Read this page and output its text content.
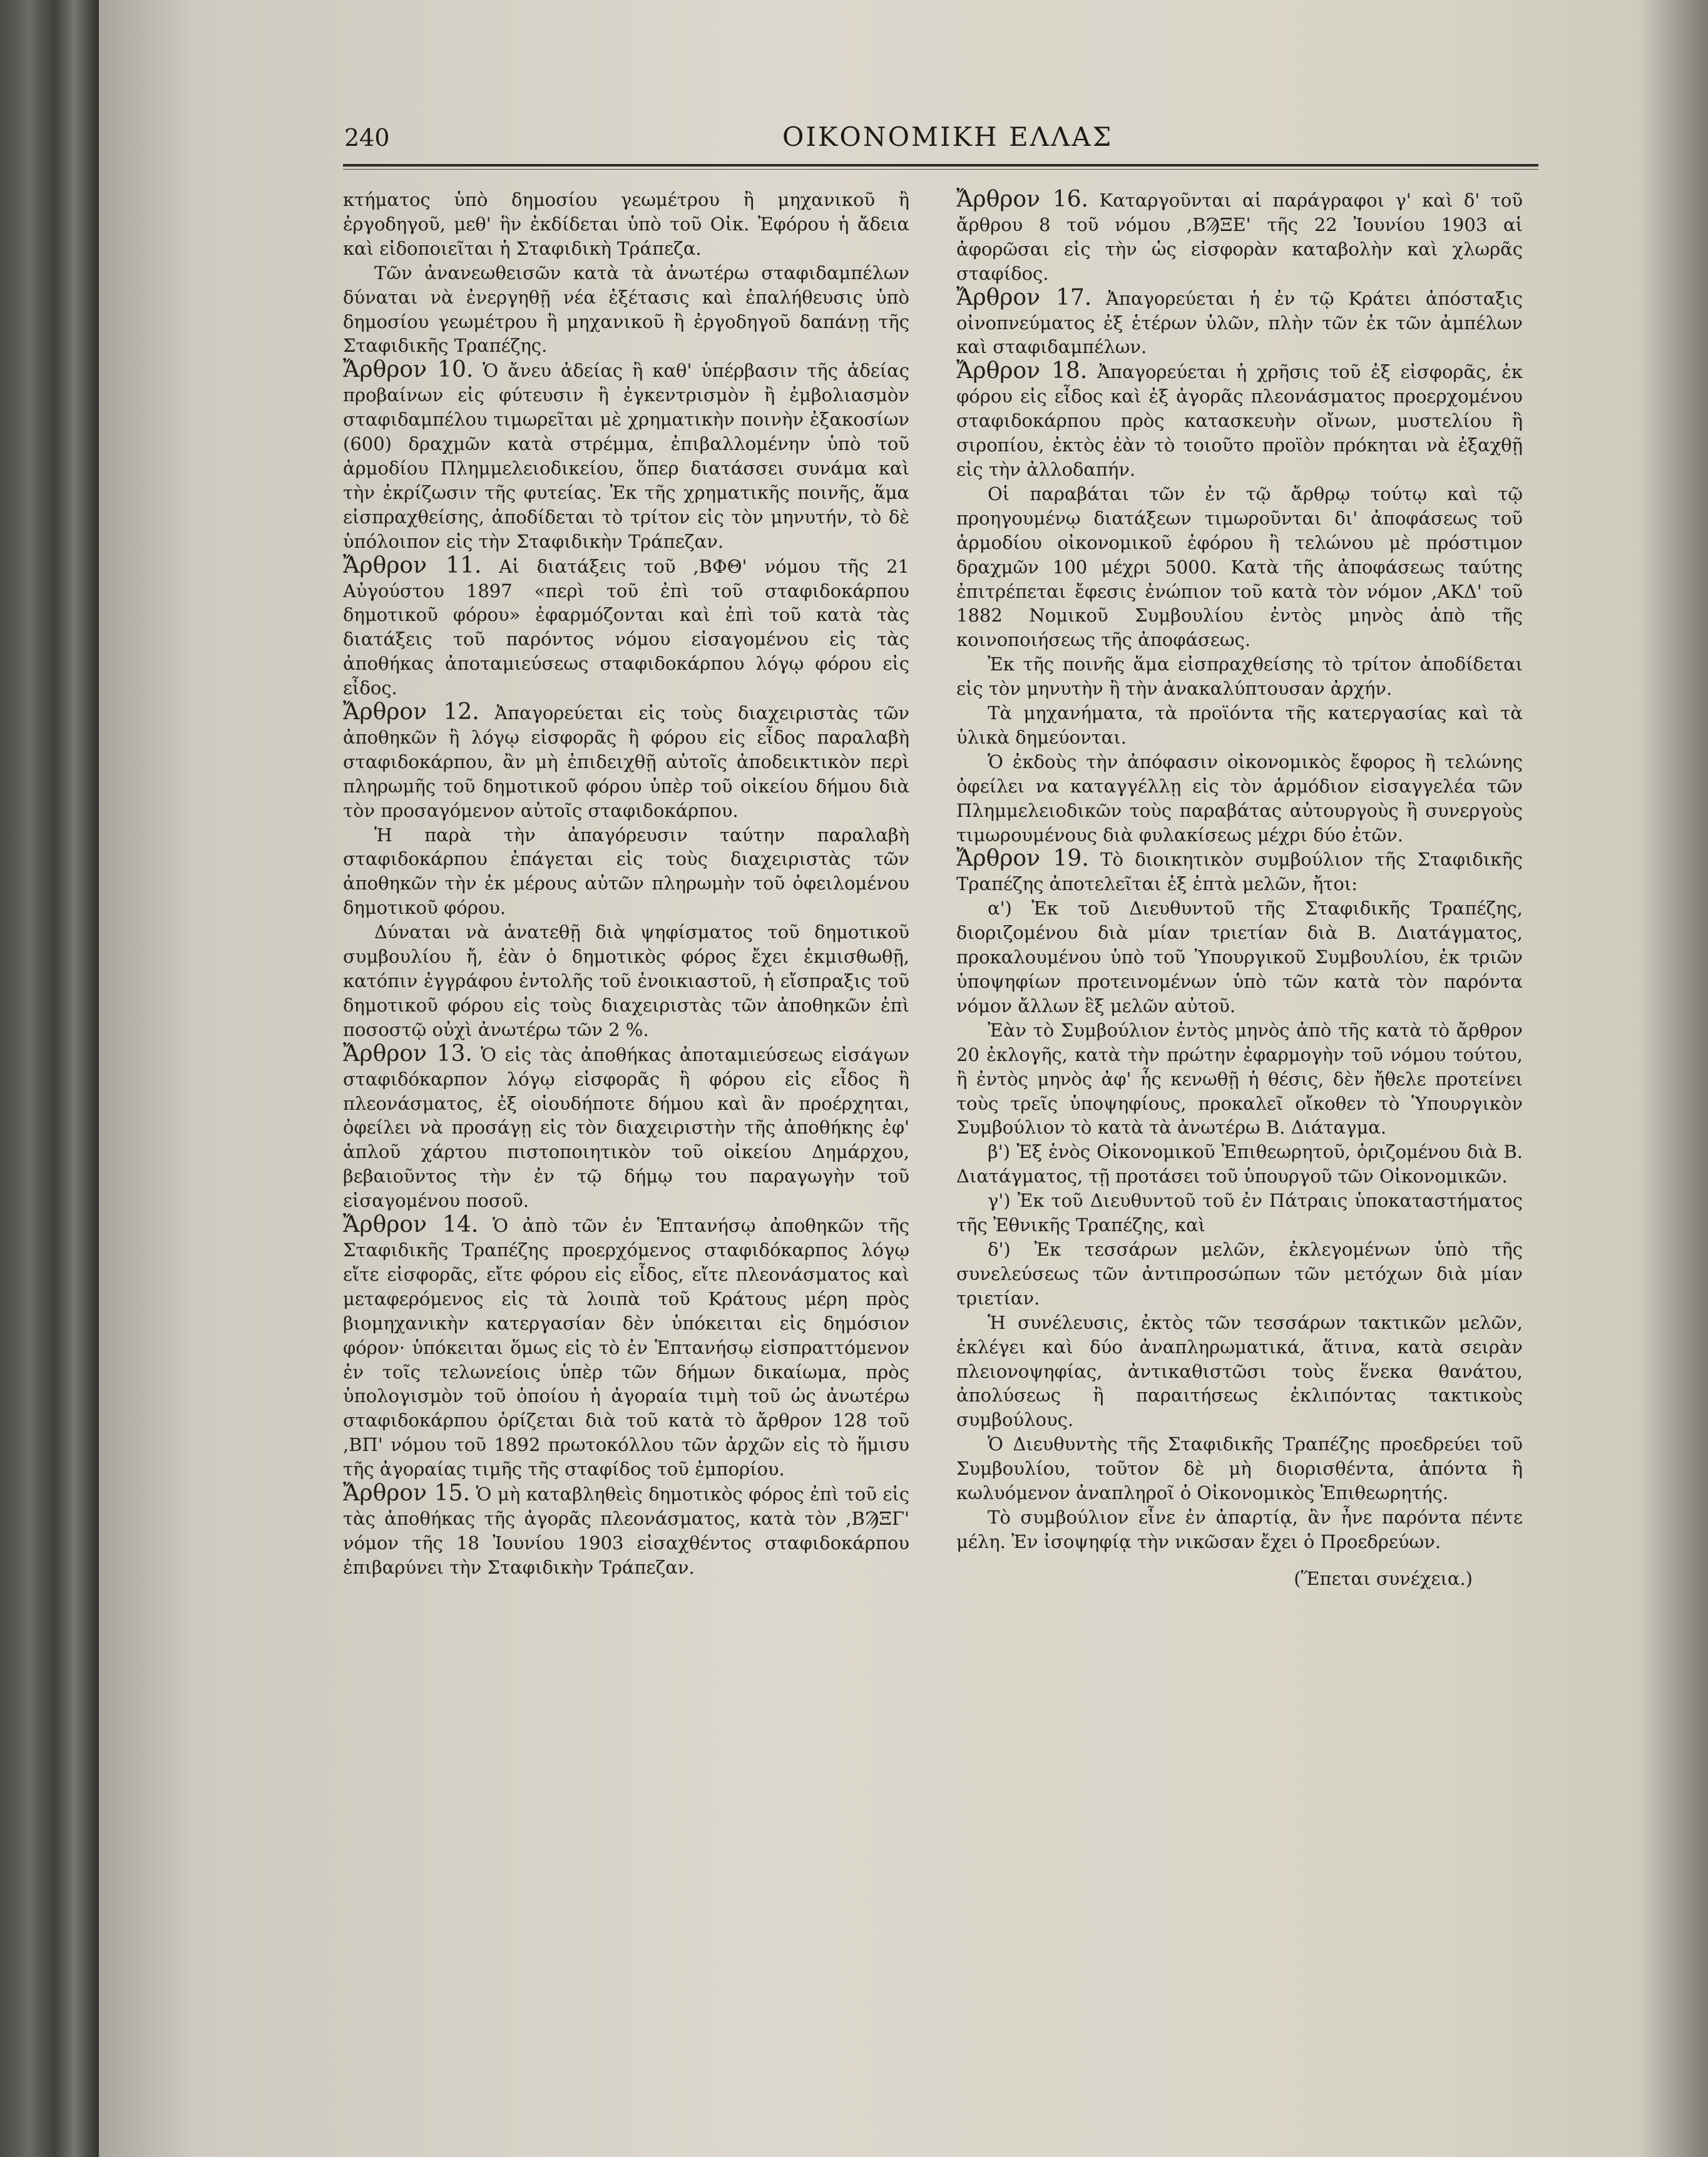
240	ΟΙΚΟΝΟΜΙΚΗ ΕΛΛΑΣ

κτήματος ὑπὸ δημοσίου γεωμέτρου ἢ μηχανικοῦ ἢ ἐργοδηγοῦ, μεθ' ἣν ἐκδίδεται ὑπὸ τοῦ Οἰκ. Ἐφόρου ἡ ἄδεια καὶ εἰδοποιεῖται ἡ Σταφιδικὴ Τράπεζα.

Τῶν ἀνανεωθεισῶν κατὰ τὰ ἀνωτέρω σταφιδαμπέλων δύναται νὰ ἐνεργηθῇ νέα ἐξέτασις καὶ ἐπαλήθευσις ὑπὸ δημοσίου γεωμέτρου ἢ μηχανικοῦ ἢ ἐργοδηγοῦ δαπάνῃ τῆς Σταφιδικῆς Τραπέζης.

Ἄρθρον 10. Ὁ ἄνευ ἀδείας ἢ καθ' ὑπέρβασιν τῆς ἀδείας προβαίνων εἰς φύτευσιν ἢ ἐγκεντρισμὸν ἢ ἐμβολιασμὸν σταφιδαμπέλου τιμωρεῖται μὲ χρηματικὴν ποινὴν ἑξακοσίων (600) δραχμῶν κατὰ στρέμμα, ἐπιβαλλομένην ὑπὸ τοῦ ἁρμοδίου Πλημμελειοδικείου, ὅπερ διατάσσει συνάμα καὶ τὴν ἐκρίζωσιν τῆς φυτείας. Ἐκ τῆς χρηματικῆς ποινῆς, ἅμα εἰσπραχθείσης, ἀποδίδεται τὸ τρίτον εἰς τὸν μηνυτήν, τὸ δὲ ὑπόλοιπον εἰς τὴν Σταφιδικὴν Τράπεζαν.

Ἄρθρον 11. Αἱ διατάξεις τοῦ ,ΒΦΘ' νόμου τῆς 21 Αὐγούστου 1897 «περὶ τοῦ ἐπὶ τοῦ σταφιδοκάρπου δημοτικοῦ φόρου» ἐφαρμόζονται καὶ ἐπὶ τοῦ κατὰ τὰς διατάξεις τοῦ παρόντος νόμου εἰσαγομένου εἰς τὰς ἀποθήκας ἀποταμιεύσεως σταφιδοκάρπου λόγῳ φόρου εἰς εἶδος.

Ἄρθρον 12. Ἀπαγορεύεται εἰς τοὺς διαχειριστὰς τῶν ἀποθηκῶν ἢ λόγῳ εἰσφορᾶς ἢ φόρου εἰς εἶδος παραλαβὴ σταφιδοκάρπου, ἂν μὴ ἐπιδειχθῇ αὐτοῖς ἀποδεικτικὸν περὶ πληρωμῆς τοῦ δημοτικοῦ φόρου ὑπὲρ τοῦ οἰκείου δήμου διὰ τὸν προσαγόμενον αὐτοῖς σταφιδοκάρπου.

Ἡ παρὰ τὴν ἀπαγόρευσιν ταύτην παραλαβὴ σταφιδοκάρπου ἐπάγεται εἰς τοὺς διαχειριστὰς τῶν ἀποθηκῶν τὴν ἐκ μέρους αὐτῶν πληρωμὴν τοῦ ὀφειλομένου δημοτικοῦ φόρου.

Δύναται νὰ ἀνατεθῇ διὰ ψηφίσματος τοῦ δημοτικοῦ συμβουλίου ἤ, ἐὰν ὁ δημοτικὸς φόρος ἔχει ἐκμισθωθῇ, κατόπιν ἐγγράφου ἐντολῆς τοῦ ἐνοικιαστοῦ, ἡ εἴσπραξις τοῦ δημοτικοῦ φόρου εἰς τοὺς διαχειριστὰς τῶν ἀποθηκῶν ἐπὶ ποσοστῷ οὐχὶ ἀνωτέρω τῶν 2 %.

Ἄρθρον 13. Ὁ εἰς τὰς ἀποθήκας ἀποταμιεύσεως εἰσάγων σταφιδόκαρπον λόγῳ εἰσφορᾶς ἢ φόρου εἰς εἶδος ἢ πλεονάσματος, ἐξ οἱουδήποτε δήμου καὶ ἂν προέρχηται, ὀφείλει νὰ προσάγῃ εἰς τὸν διαχειριστὴν τῆς ἀποθήκης ἐφ' ἁπλοῦ χάρτου πιστοποιητικὸν τοῦ οἰκείου Δημάρχου, βεβαιοῦντος τὴν ἐν τῷ δήμῳ του παραγωγὴν τοῦ εἰσαγομένου ποσοῦ.

Ἄρθρον 14. Ὁ ἀπὸ τῶν ἐν Ἑπτανήσῳ ἀποθηκῶν τῆς Σταφιδικῆς Τραπέζης προερχόμενος σταφιδόκαρπος λόγῳ εἴτε εἰσφορᾶς, εἴτε φόρου εἰς εἶδος, εἴτε πλεονάσματος καὶ μεταφερόμενος εἰς τὰ λοιπὰ τοῦ Κράτους μέρη πρὸς βιομηχανικὴν κατεργασίαν δὲν ὑπόκειται εἰς δημόσιον φόρον· ὑπόκειται ὅμως εἰς τὸ ἐν Ἑπτανήσῳ εἰσπραττόμενον ἐν τοῖς τελωνείοις ὑπὲρ τῶν δήμων δικαίωμα, πρὸς ὑπολογισμὸν τοῦ ὁποίου ἡ ἀγοραία τιμὴ τοῦ ὡς ἀνωτέρω σταφιδοκάρπου ὁρίζεται διὰ τοῦ κατὰ τὸ ἄρθρον 128 τοῦ ,ΒΠ' νόμου τοῦ 1892 πρωτοκόλλου τῶν ἀρχῶν εἰς τὸ ἥμισυ τῆς ἀγοραίας τιμῆς τῆς σταφίδος τοῦ ἐμπορίου.

Ἄρθρον 15. Ὁ μὴ καταβληθεὶς δημοτικὸς φόρος ἐπὶ τοῦ εἰς τὰς ἀποθήκας τῆς ἀγορᾶς πλεονάσματος, κατὰ τὸν ,ΒϠΞΓ' νόμον τῆς 18 Ἰουνίου 1903 εἰσαχθέντος σταφιδοκάρπου ἐπιβαρύνει τὴν Σταφιδικὴν Τράπεζαν.

Ἄρθρον 16. Καταργοῦνται αἱ παράγραφοι γ' καὶ δ' τοῦ ἄρθρου 8 τοῦ νόμου ,ΒϠΞΕ' τῆς 22 Ἰουνίου 1903 αἱ ἀφορῶσαι εἰς τὴν ὡς εἰσφορὰν καταβολὴν καὶ χλωρᾶς σταφίδος.

Ἄρθρον 17. Ἀπαγορεύεται ἡ ἐν τῷ Κράτει ἀπόσταξις οἰνοπνεύματος ἐξ ἑτέρων ὑλῶν, πλὴν τῶν ἐκ τῶν ἀμπέλων καὶ σταφιδαμπέλων.

Ἄρθρον 18. Ἀπαγορεύεται ἡ χρῆσις τοῦ ἐξ εἰσφορᾶς, ἐκ φόρου εἰς εἶδος καὶ ἐξ ἀγορᾶς πλεονάσματος προερχομένου σταφιδοκάρπου πρὸς κατασκευὴν οἴνων, μυστελίου ἢ σιροπίου, ἐκτὸς ἐὰν τὸ τοιοῦτο προϊὸν πρόκηται νὰ ἐξαχθῇ εἰς τὴν ἀλλοδαπήν.

Οἱ παραβάται τῶν ἐν τῷ ἄρθρῳ τούτῳ καὶ τῷ προηγουμένῳ διατάξεων τιμωροῦνται δι' ἀποφάσεως τοῦ ἁρμοδίου οἰκονομικοῦ ἐφόρου ἢ τελώνου μὲ πρόστιμον δραχμῶν 100 μέχρι 5000. Κατὰ τῆς ἀποφάσεως ταύτης ἐπιτρέπεται ἔφεσις ἐνώπιον τοῦ κατὰ τὸν νόμον ,ΑΚΔ' τοῦ 1882 Νομικοῦ Συμβουλίου ἐντὸς μηνὸς ἀπὸ τῆς κοινοποιήσεως τῆς ἀποφάσεως.

Ἐκ τῆς ποινῆς ἅμα εἰσπραχθείσης τὸ τρίτον ἀποδίδεται εἰς τὸν μηνυτὴν ἢ τὴν ἀνακαλύπτουσαν ἀρχήν.

Τὰ μηχανήματα, τὰ προϊόντα τῆς κατεργασίας καὶ τὰ ὑλικὰ δημεύονται.

Ὁ ἐκδοὺς τὴν ἀπόφασιν οἰκονομικὸς ἔφορος ἢ τελώνης ὀφείλει να καταγγέλλῃ εἰς τὸν ἁρμόδιον εἰσαγγελέα τῶν Πλημμελειοδικῶν τοὺς παραβάτας αὐτουργοὺς ἢ συνεργοὺς τιμωρουμένους διὰ φυλακίσεως μέχρι δύο ἐτῶν.

Ἄρθρον 19. Τὸ διοικητικὸν συμβούλιον τῆς Σταφιδικῆς Τραπέζης ἀποτελεῖται ἐξ ἑπτὰ μελῶν, ἤτοι:

α') Ἐκ τοῦ Διευθυντοῦ τῆς Σταφιδικῆς Τραπέζης, διοριζομένου διὰ μίαν τριετίαν διὰ Β. Διατάγματος, προκαλουμένου ὑπὸ τοῦ Ὑπουργικοῦ Συμβουλίου, ἐκ τριῶν ὑποψηφίων προτεινομένων ὑπὸ τῶν κατὰ τὸν παρόντα νόμον ἄλλων ἓξ μελῶν αὐτοῦ.

Ἐὰν τὸ Συμβούλιον ἐντὸς μηνὸς ἀπὸ τῆς κατὰ τὸ ἄρθρον 20 ἐκλογῆς, κατὰ τὴν πρώτην ἐφαρμογὴν τοῦ νόμου τούτου, ἢ ἐντὸς μηνὸς ἀφ' ἧς κενωθῇ ἡ θέσις, δὲν ἤθελε προτείνει τοὺς τρεῖς ὑποψηφίους, προκαλεῖ οἴκοθεν τὸ Ὑπουργικὸν Συμβούλιον τὸ κατὰ τὰ ἀνωτέρω Β. Διάταγμα.

β') Ἐξ ἑνὸς Οἰκονομικοῦ Ἐπιθεωρητοῦ, ὁριζομένου διὰ Β. Διατάγματος, τῇ προτάσει τοῦ ὑπουργοῦ τῶν Οἰκονομικῶν.

γ') Ἐκ τοῦ Διευθυντοῦ τοῦ ἐν Πάτραις ὑποκαταστήματος τῆς Ἐθνικῆς Τραπέζης, καὶ

δ') Ἐκ τεσσάρων μελῶν, ἐκλεγομένων ὑπὸ τῆς συνελεύσεως τῶν ἀντιπροσώπων τῶν μετόχων διὰ μίαν τριετίαν.

Ἡ συνέλευσις, ἐκτὸς τῶν τεσσάρων τακτικῶν μελῶν, ἐκλέγει καὶ δύο ἀναπληρωματικά, ἅτινα, κατὰ σειρὰν πλειονοψηφίας, ἀντικαθιστῶσι τοὺς ἕνεκα θανάτου, ἀπολύσεως ἢ παραιτήσεως ἐκλιπόντας τακτικοὺς συμβούλους.

Ὁ Διευθυντὴς τῆς Σταφιδικῆς Τραπέζης προεδρεύει τοῦ Συμβουλίου, τοῦτον δὲ μὴ διορισθέντα, ἀπόντα ἢ κωλυόμενον ἀναπληροῖ ὁ Οἰκονομικὸς Ἐπιθεωρητής.

Τὸ συμβούλιον εἶνε ἐν ἀπαρτίᾳ, ἂν ἦνε παρόντα πέντε μέλη. Ἐν ἰσοψηφίᾳ τὴν νικῶσαν ἔχει ὁ Προεδρεύων.

(Ἕπεται συνέχεια.)
